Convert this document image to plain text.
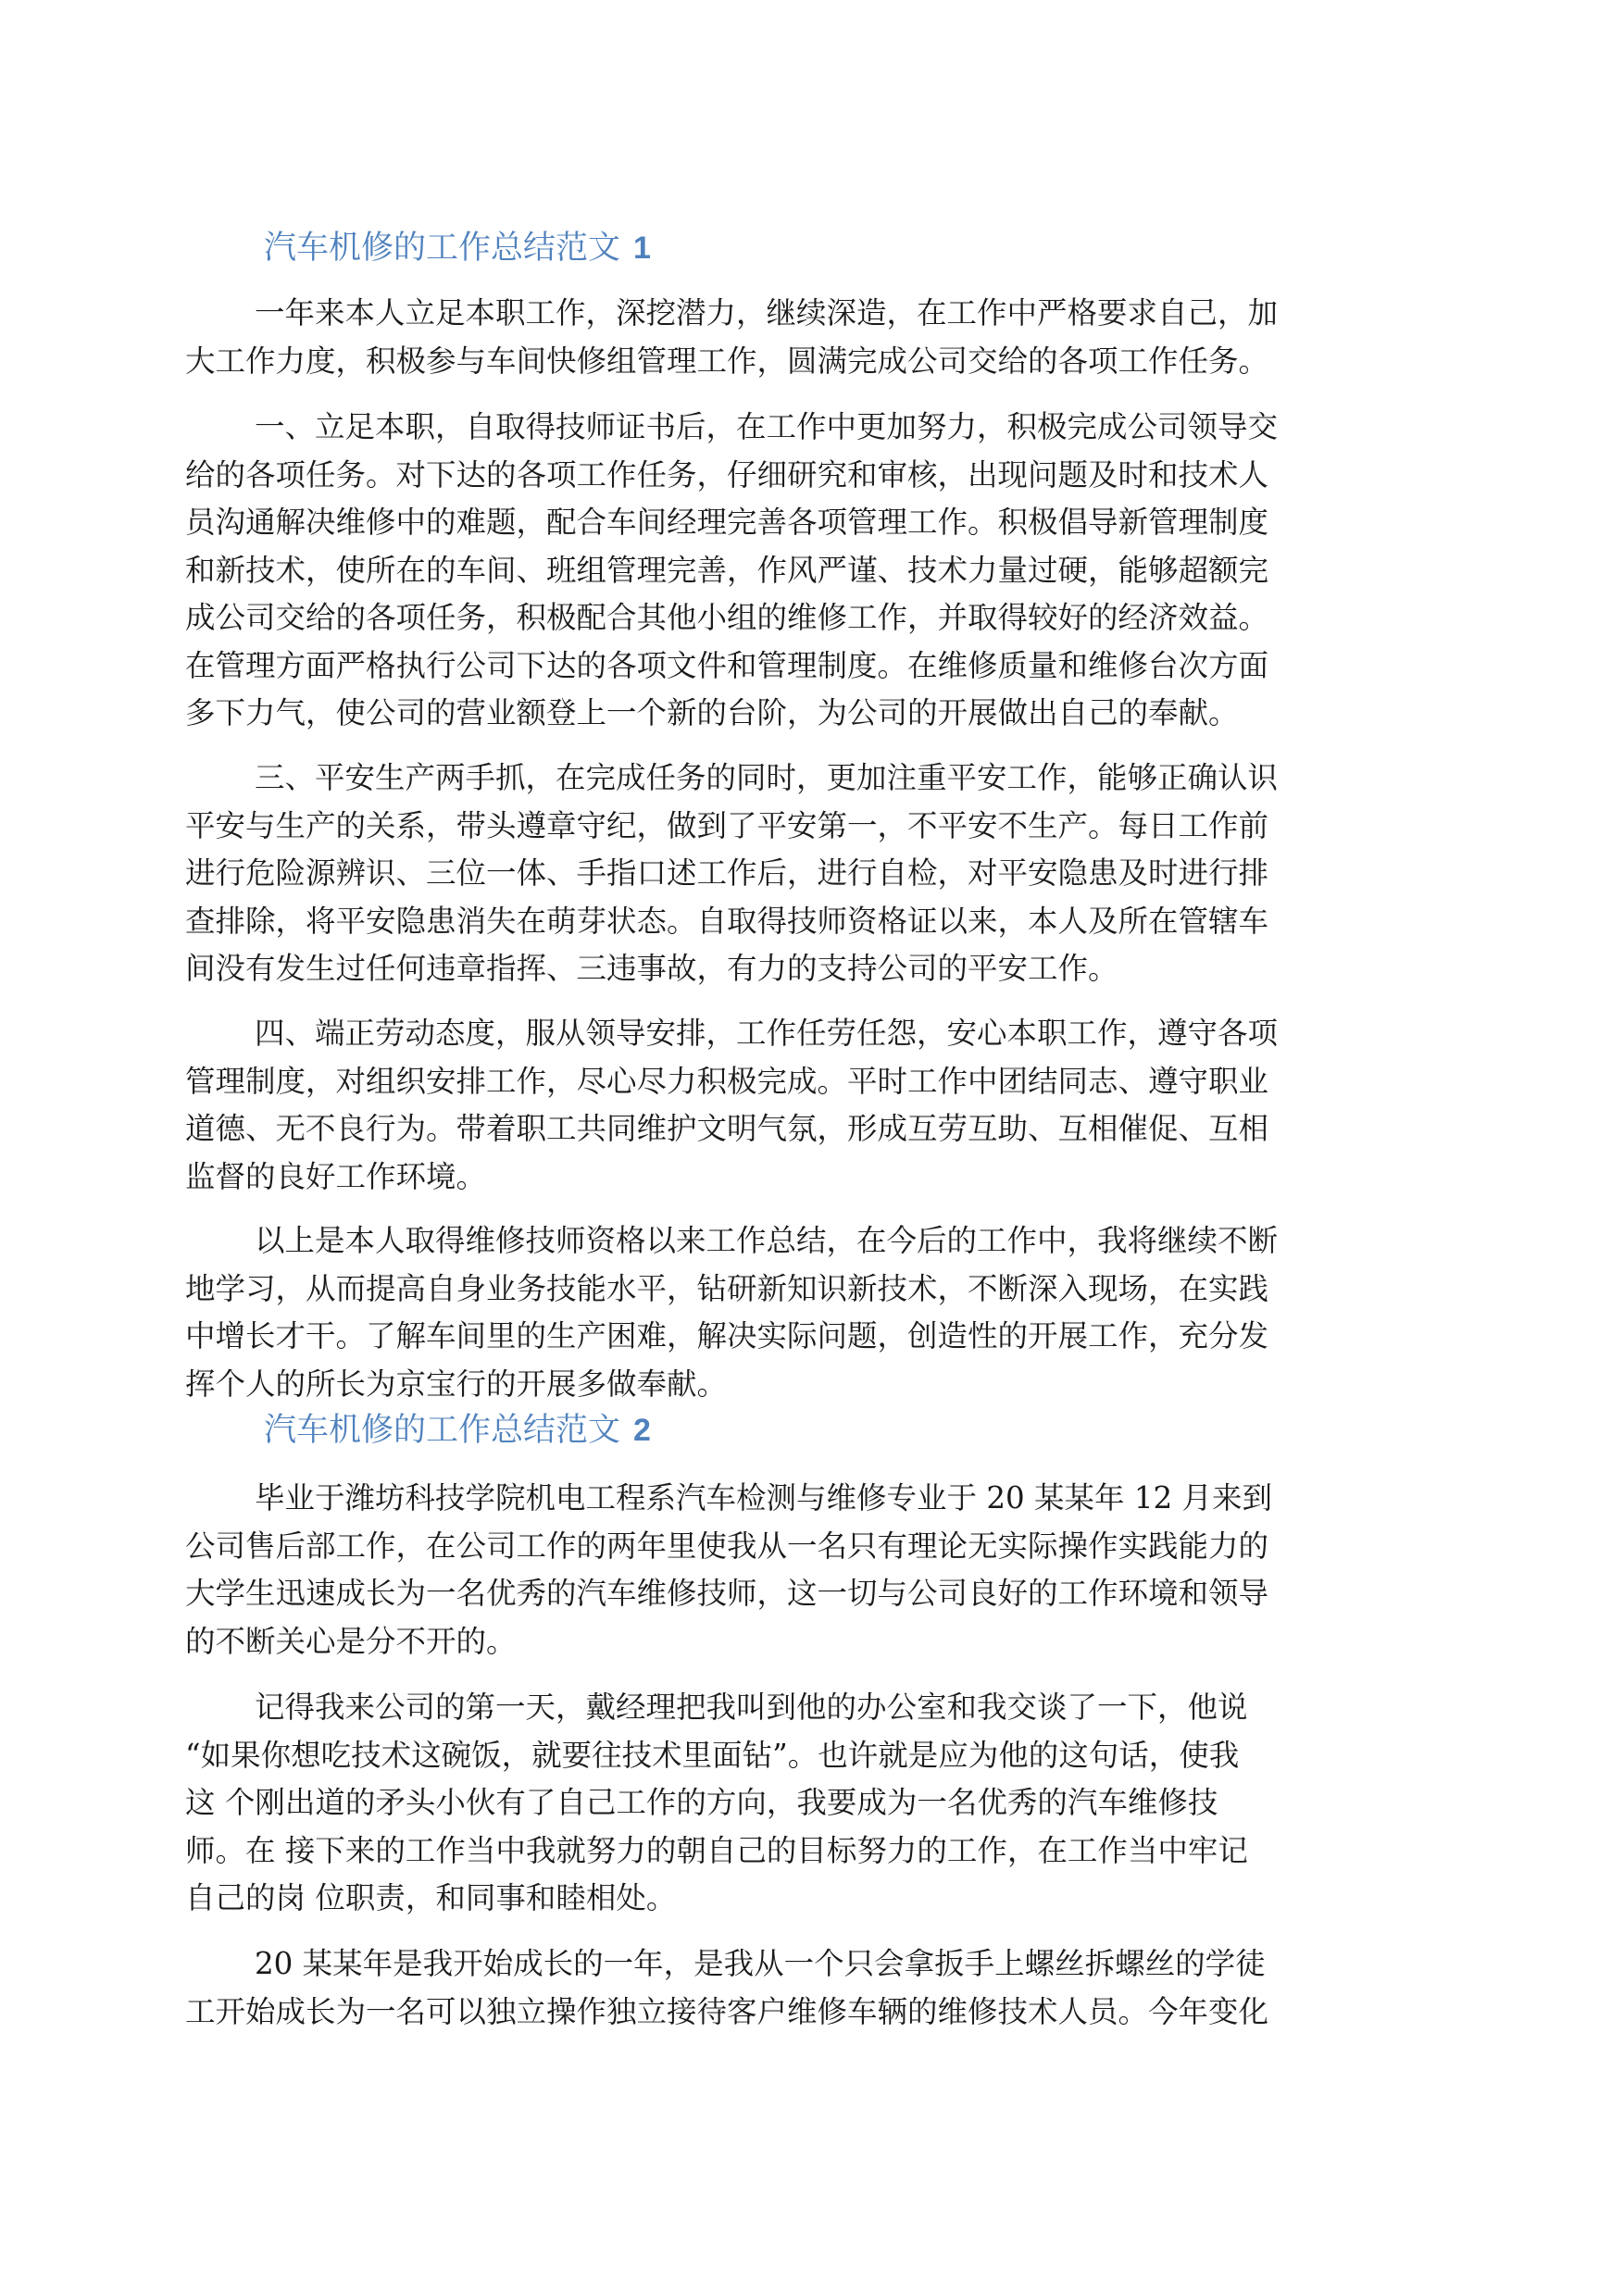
汽车机修的工作总结范文 1
一年来本人立足本职工作，深挖潜力，继续深造，在工作中严格要求自己，加
大工作力度，积极参与车间快修组管理工作，圆满完成公司交给的各项工作任务。
一、立足本职，自取得技师证书后，在工作中更加努力，积极完成公司领导交
给的各项任务。对下达的各项工作任务，仔细研究和审核，出现问题及时和技术人
员沟通解决维修中的难题，配合车间经理完善各项管理工作。积极倡导新管理制度
和新技术，使所在的车间、班组管理完善，作风严谨、技术力量过硬，能够超额完
成公司交给的各项任务，积极配合其他小组的维修工作，并取得较好的经济效益。
在管理方面严格执行公司下达的各项文件和管理制度。在维修质量和维修台次方面
多下力气，使公司的营业额登上一个新的台阶，为公司的开展做出自己的奉献。
三、平安生产两手抓，在完成任务的同时，更加注重平安工作，能够正确认识
平安与生产的关系，带头遵章守纪，做到了平安第一，不平安不生产。每日工作前
进行危险源辨识、三位一体、手指口述工作后，进行自检，对平安隐患及时进行排
查排除，将平安隐患消失在萌芽状态。自取得技师资格证以来，本人及所在管辖车
间没有发生过任何违章指挥、三违事故，有力的支持公司的平安工作。
四、端正劳动态度，服从领导安排，工作任劳任怨，安心本职工作，遵守各项
管理制度，对组织安排工作，尽心尽力积极完成。平时工作中团结同志、遵守职业
道德、无不良行为。带着职工共同维护文明气氛，形成互劳互助、互相催促、互相
监督的良好工作环境。
以上是本人取得维修技师资格以来工作总结，在今后的工作中，我将继续不断
地学习，从而提高自身业务技能水平，钻研新知识新技术，不断深入现场，在实践
中增长才干。了解车间里的生产困难，解决实际问题，创造性的开展工作，充分发
挥个人的所长为京宝行的开展多做奉献。
汽车机修的工作总结范文 2
毕业于潍坊科技学院机电工程系汽车检测与维修专业于 20 某某年 12 月来到
公司售后部工作，在公司工作的两年里使我从一名只有理论无实际操作实践能力的
大学生迅速成长为一名优秀的汽车维修技师，这一切与公司良好的工作环境和领导
的不断关心是分不开的。
记得我来公司的第一天，戴经理把我叫到他的办公室和我交谈了一下，他说
“如果你想吃技术这碗饭，就要往技术里面钻”。也许就是应为他的这句话，使我
这 个刚出道的矛头小伙有了自己工作的方向，我要成为一名优秀的汽车维修技
师。在 接下来的工作当中我就努力的朝自己的目标努力的工作，在工作当中牢记
自己的岗 位职责，和同事和睦相处。
20 某某年是我开始成长的一年，是我从一个只会拿扳手上螺丝拆螺丝的学徒
工开始成长为一名可以独立操作独立接待客户维修车辆的维修技术人员。今年变化
